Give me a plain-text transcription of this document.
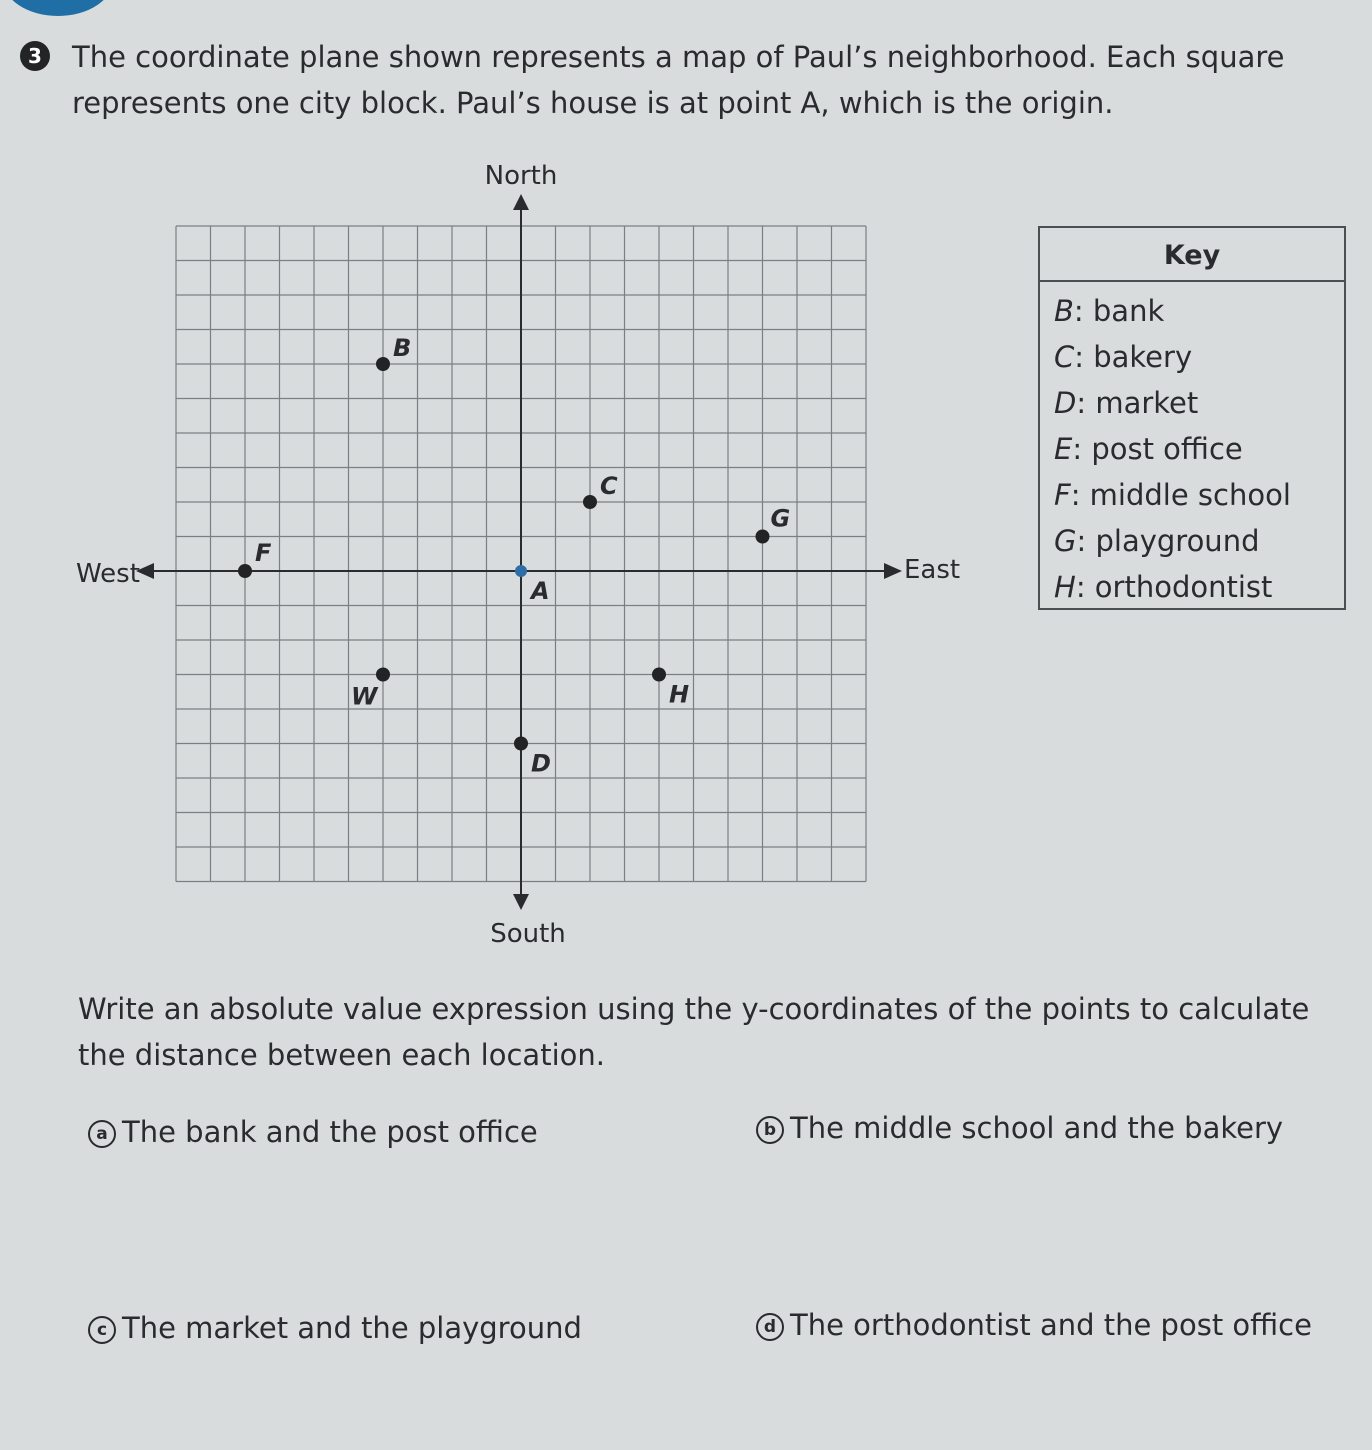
3 The coordinate plane shown represents a map of Paul’s neighborhood. Each square
represents one city block. Paul’s house is at point A, which is the origin.
North
South
West	East
A
B
C
D
F
G
H
W
Key
B: bank
C: bakery
D: market
E: post office
F: middle school
G: playground
H: orthodontist
Write an absolute value expression using the y-coordinates of the points to calculate
the distance between each location.
a The bank and the post office	b The middle school and the bakery
c The market and the playground	d The orthodontist and the post office
